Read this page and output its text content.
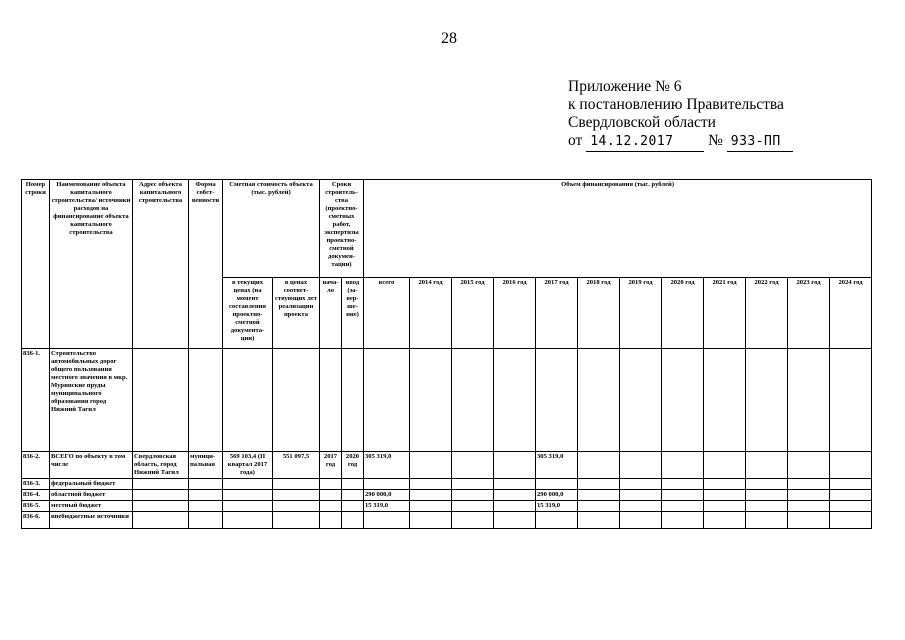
28
Приложение № 6
к постановлению Правительства
Свердловской области
от 14.12.2017 № 933-ПП
Номер строки	Наименование объекта капитального строительства/ источники расходов на финансирование объекта капитального строительства	Адрес объекта капитального строительства	Форма собст-венности	Сметная стоимость объекта (тыс. рублей)		Сроки строитель-ства (проектно-сметных работ, экспертизы проектно-сметной докумен-тации)		Объем финансирования (тыс. рублей)											
				в текущих ценах (на момент составления проектно-сметной документа-ции)	в ценах соответ-ствующих лет реализации проекта	нача-ло	ввод (за-вер-ше-ние)	всего	2014 год	2015 год	2016 год	2017 год	2018 год	2019 год	2020 год	2021 год	2022 год	2023 год	2024 год
836-1.	Строительство автомобильных дорог общего пользования местного значения в мкр. Муринские пруды муниципального образования город Нижний Тагил																		
836-2.	ВСЕГО по объекту в том числе	Свердловская область, город Нижний Тагил	муници-пальная	569 103,4 (II квартал 2017 года)	551 097,5	2017 год	2020 год	305 319,0				305 319,0							
836-3.	федеральный бюджет																		
836-4.	областной бюджет							290 000,0				290 000,0							
836-5.	местный бюджет							15 319,0				15 319,0							
836-6.	внебюджетные источники																		
